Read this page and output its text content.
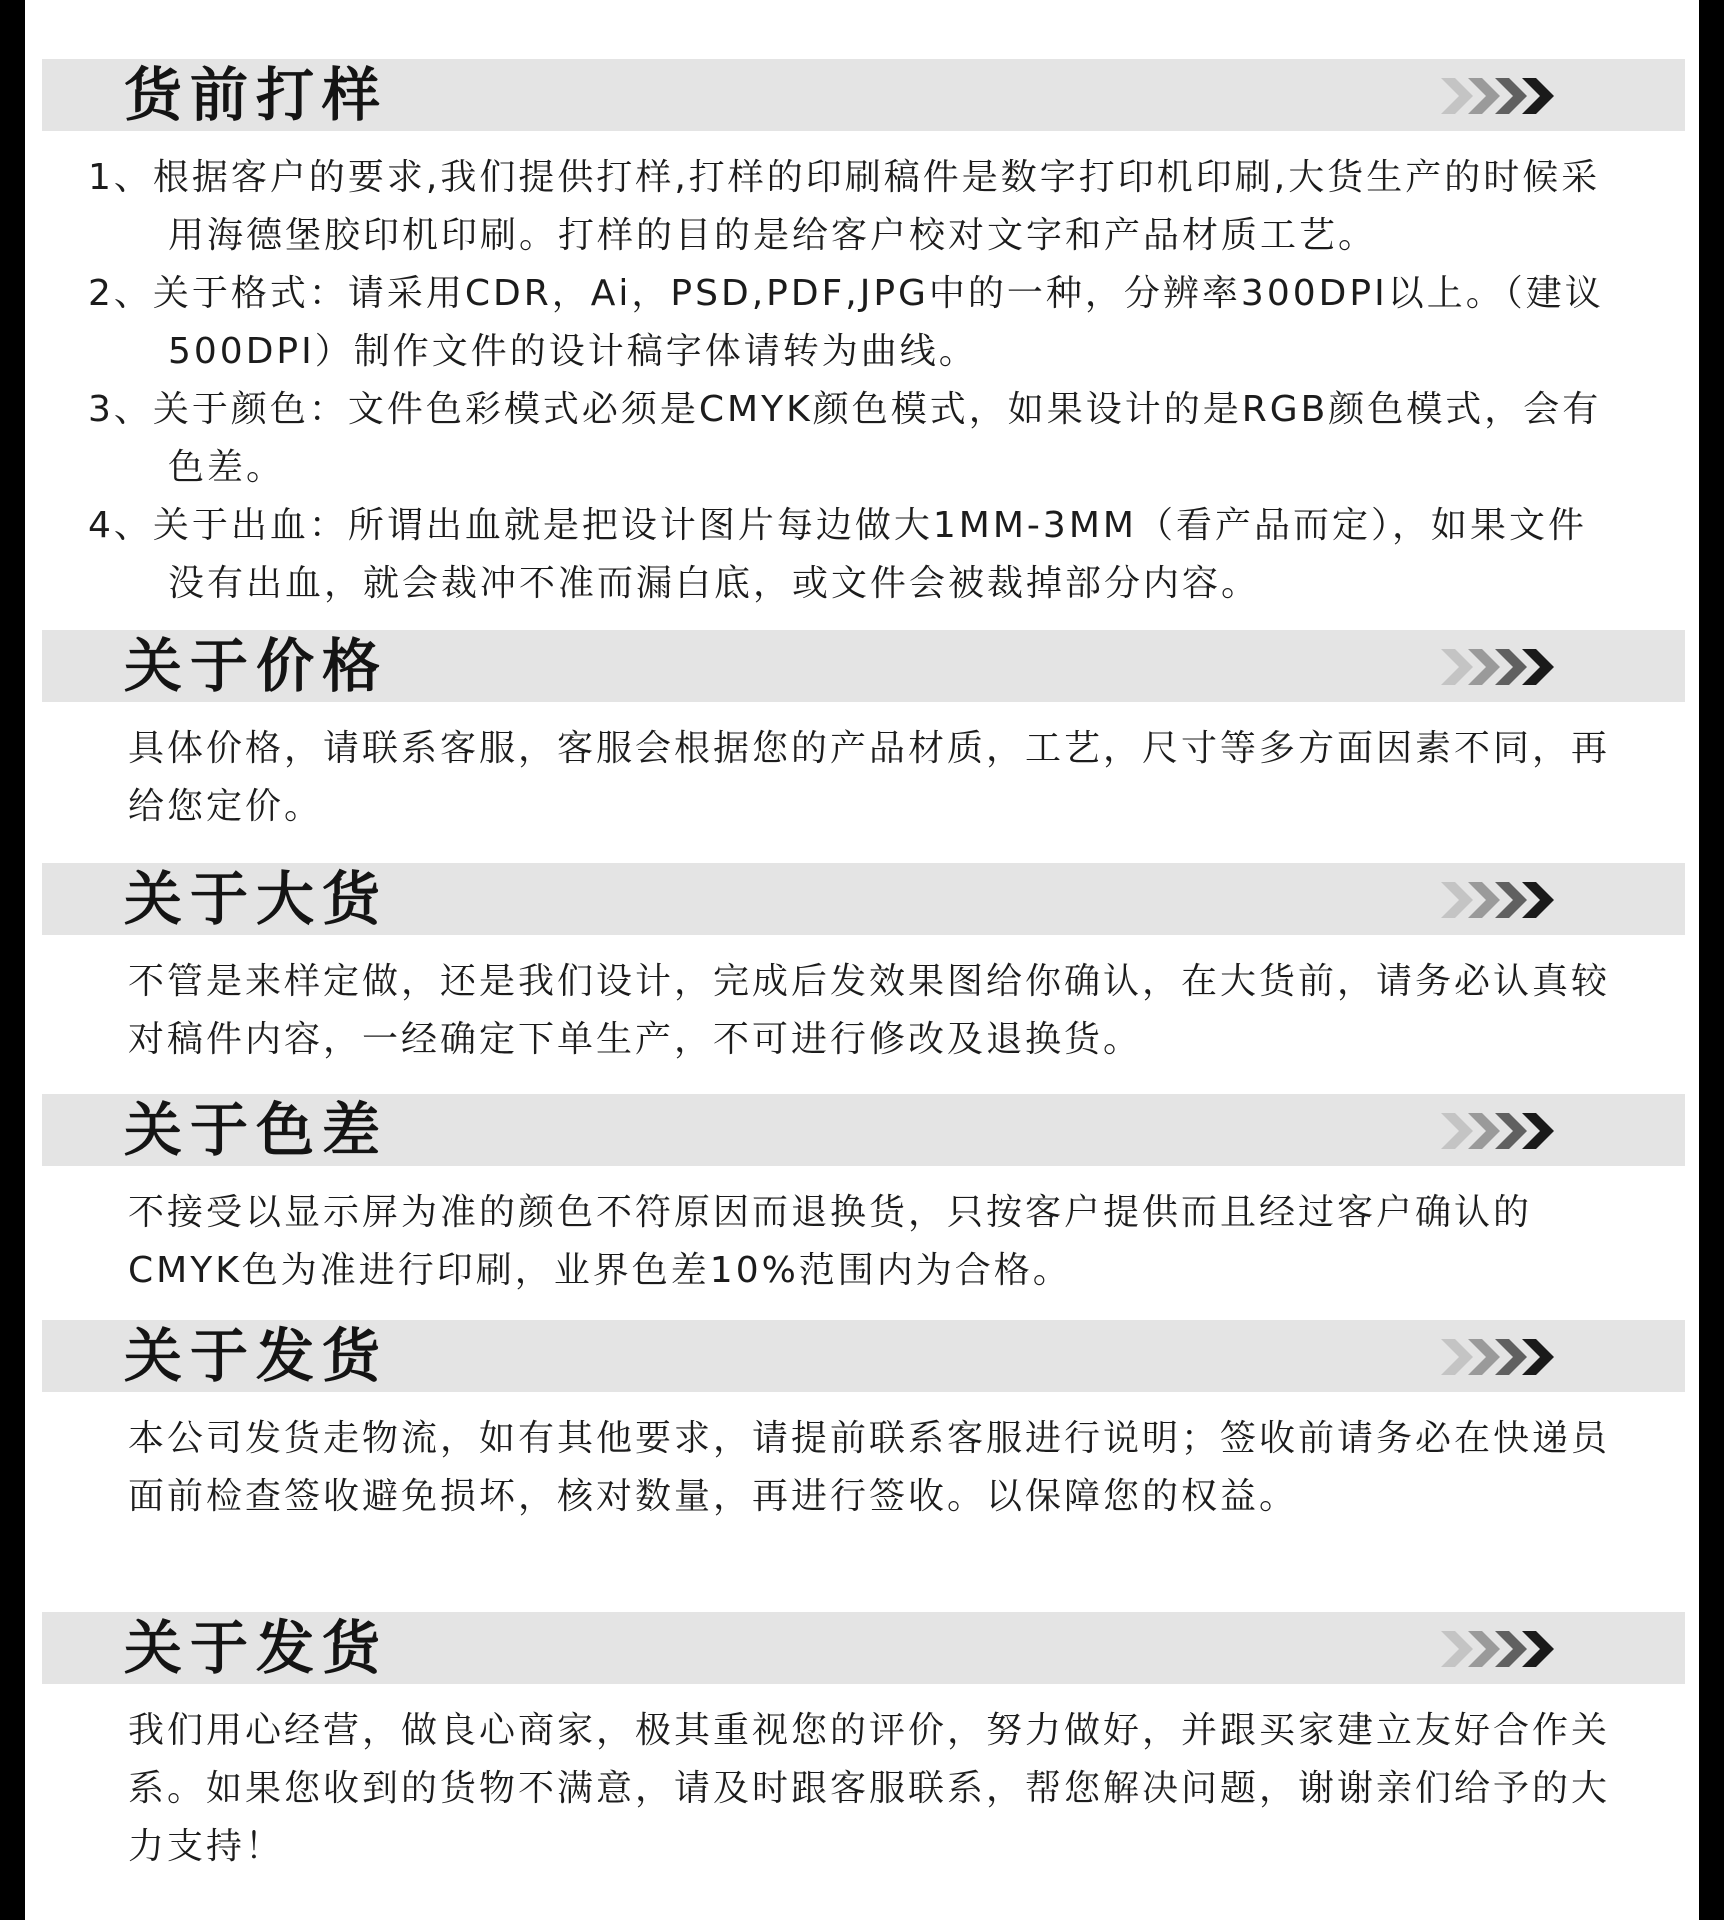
货前打样
1、根据客户的要求,我们提供打样,打样的印刷稿件是数字打印机印刷,大货生产的时候采用海德堡胶印机印刷。打样的目的是给客户校对文字和产品材质工艺。
2、关于格式：请采用CDR，Ai，PSD,PDF,JPG中的一种，分辨率300DPI以上。（建议500DPI）制作文件的设计稿字体请转为曲线。
3、关于颜色：文件色彩模式必须是CMYK颜色模式，如果设计的是RGB颜色模式，会有色差。
4、关于出血：所谓出血就是把设计图片每边做大1MM-3MM（看产品而定），如果文件没有出血，就会裁冲不准而漏白底，或文件会被裁掉部分内容。
关于价格
具体价格，请联系客服，客服会根据您的产品材质，工艺，尺寸等多方面因素不同，再给您定价。
关于大货
不管是来样定做，还是我们设计，完成后发效果图给你确认，在大货前，请务必认真较对稿件内容，一经确定下单生产，不可进行修改及退换货。
关于色差
不接受以显示屏为准的颜色不符原因而退换货，只按客户提供而且经过客户确认的CMYK色为准进行印刷，业界色差10%范围内为合格。
关于发货
本公司发货走物流，如有其他要求，请提前联系客服进行说明；签收前请务必在快递员面前检查签收避免损坏，核对数量，再进行签收。以保障您的权益。
关于发货
我们用心经营，做良心商家，极其重视您的评价，努力做好，并跟买家建立友好合作关系。如果您收到的货物不满意，请及时跟客服联系，帮您解决问题，谢谢亲们给予的大力支持！
